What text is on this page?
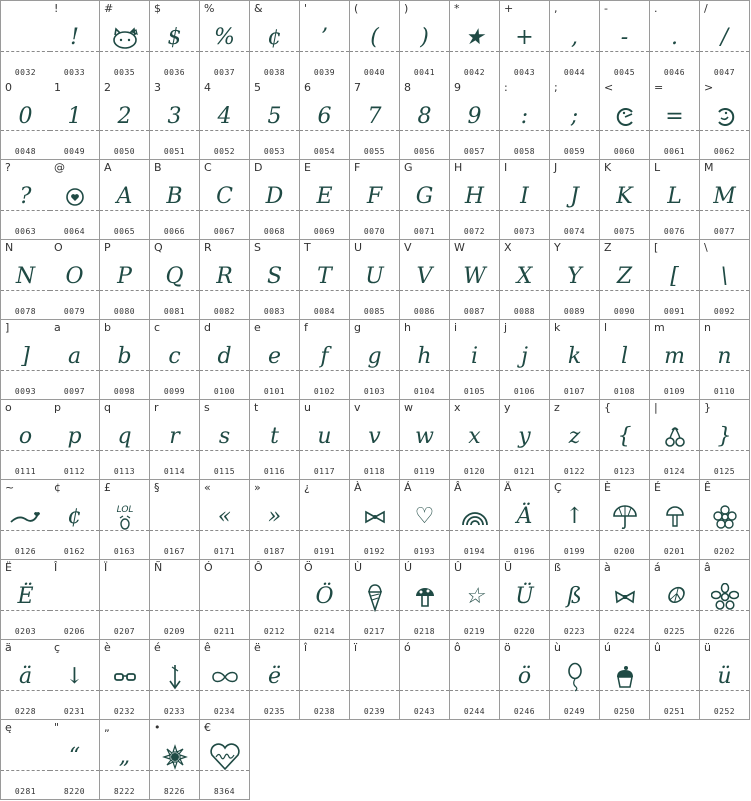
0032
!
!
0033
#
0035
$
$
0036
%
%
0037
&
¢
0038
'
’
0039
(
(
0040
)
)
0041
*
★
0042
+
+
0043
,
,
0044
-
-
0045
.
.
0046
/
/
0047
0
0
0048
1
1
0049
2
2
0050
3
3
0051
4
4
0052
5
5
0053
6
6
0054
7
7
0055
8
8
0056
9
9
0057
:
:
0058
;
;
0059
<
0060
=
=
0061
>
0062
?
?
0063
@
0064
A
A
0065
B
B
0066
C
C
0067
D
D
0068
E
E
0069
F
F
0070
G
G
0071
H
H
0072
I
I
0073
J
J
0074
K
K
0075
L
L
0076
M
M
0077
N
N
0078
O
O
0079
P
P
0080
Q
Q
0081
R
R
0082
S
S
0083
T
T
0084
U
U
0085
V
V
0086
W
W
0087
X
X
0088
Y
Y
0089
Z
Z
0090
[
[
0091
\
\
0092
]
]
0093
a
a
0097
b
b
0098
c
c
0099
d
d
0100
e
e
0101
f
f
0102
g
g
0103
h
h
0104
i
i
0105
j
j
0106
k
k
0107
l
l
0108
m
m
0109
n
n
0110
o
o
0111
p
p
0112
q
q
0113
r
r
0114
s
s
0115
t
t
0116
u
u
0117
v
v
0118
w
w
0119
x
x
0120
y
y
0121
z
z
0122
{
{
0123
|
0124
}
}
0125
~
0126
¢
¢
0162
£
LOL
0163
§
0167
«
«
0171
»
»
0187
¿
0191
À
0192
Á
♡
0193
Â
0194
Ä
Ä
0196
Ç
↑
0199
È
0200
É
0201
Ê
0202
Ë
Ë
0203
Î
0206
Ï
0207
Ñ
0209
Ó
0211
Ô
0212
Ö
Ö
0214
Ù
0217
Ú
0218
Û
☆
0219
Ü
Ü
0220
ß
ß
0223
à
0224
á
☮
0225
â
0226
ä
ä
0228
ç
↓
0231
è
0232
é
0233
ê
0234
ë
ë
0235
î
0238
ï
0239
ó
0243
ô
0244
ö
ö
0246
ù
0249
ú
0250
û
0251
ü
ü
0252
ę
0281
"
“
8220
„
„
8222
•
8226
€
8364
